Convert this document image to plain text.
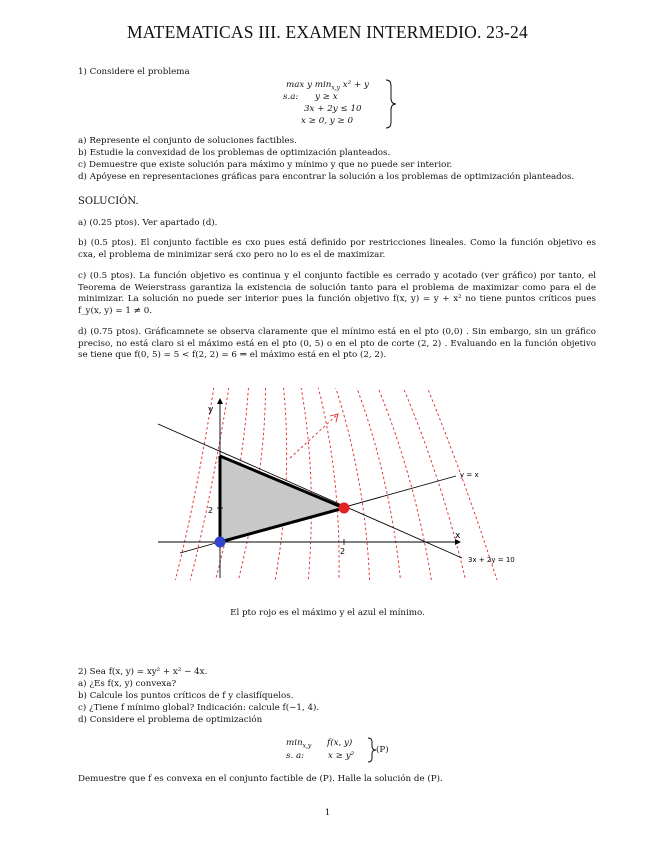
MATEMATICAS III. EXAMEN INTERMEDIO. 23-24
1) Considere el problema
max y $\min_{x,y} x^2 + y$
s.a: y ≥ x
3x + 2y ≤ 10
x ≥ 0, y ≥ 0
a) Represente el conjunto de soluciones factibles.
b) Estudie la convexidad de los problemas de optimización planteados.
c) Demuestre que existe solución para máximo y mínimo y que no puede ser interior.
d) Apóyese en representaciones gráficas para encontrar la solución a los problemas de optimización planteados.
SOLUCIÓN.
a) (0.25 ptos). Ver apartado (d).
b) (0.5 ptos). El conjunto factible es cxo pues está definido por restricciones lineales. Como la función objetivo es cxa, el problema de minimizar será cxo pero no lo es el de maximizar.
c) (0.5 ptos). La función objetivo es continua y el conjunto factible es cerrado y acotado (ver gráfico) por tanto, el Teorema de Weierstrass garantiza la existencia de solución tanto para el problema de maximizar como para el de minimizar. La solución no puede ser interior pues la función objetivo f(x, y) = y + x² no tiene puntos críticos pues f_y(x, y) = 1 ≠ 0.
d) (0.75 ptos). Gráficamnete se observa claramente que el mínimo está en el pto (0,0) . Sin embargo, sin un gráfico preciso, no está claro si el máximo está en el pto (0, 5) o en el pto de corte (2, 2) . Evaluando en la función objetivo se tiene que f(0, 5) = 5 < f(2, 2) = 6 ⇒ el máximo está en el pto (2, 2).
y
x
2
2
y = x
3x + 2y = 10
El pto rojo es el máximo y el azul el mínimo.
2) Sea f(x, y) = xy² + x² − 4x.
a) ¿Es f(x, y) convexa?
b) Calcule los puntos críticos de f y clasifíquelos.
c) ¿Tiene f mínimo global? Indicación: calcule f(−1, 4).
d) Considere el problema de optimización
$\min_{x,y} f(x$, y)
s. a:	x ≥ y²
(P)
Demuestre que f es convexa en el conjunto factible de (P). Halle la solución de (P).
1
